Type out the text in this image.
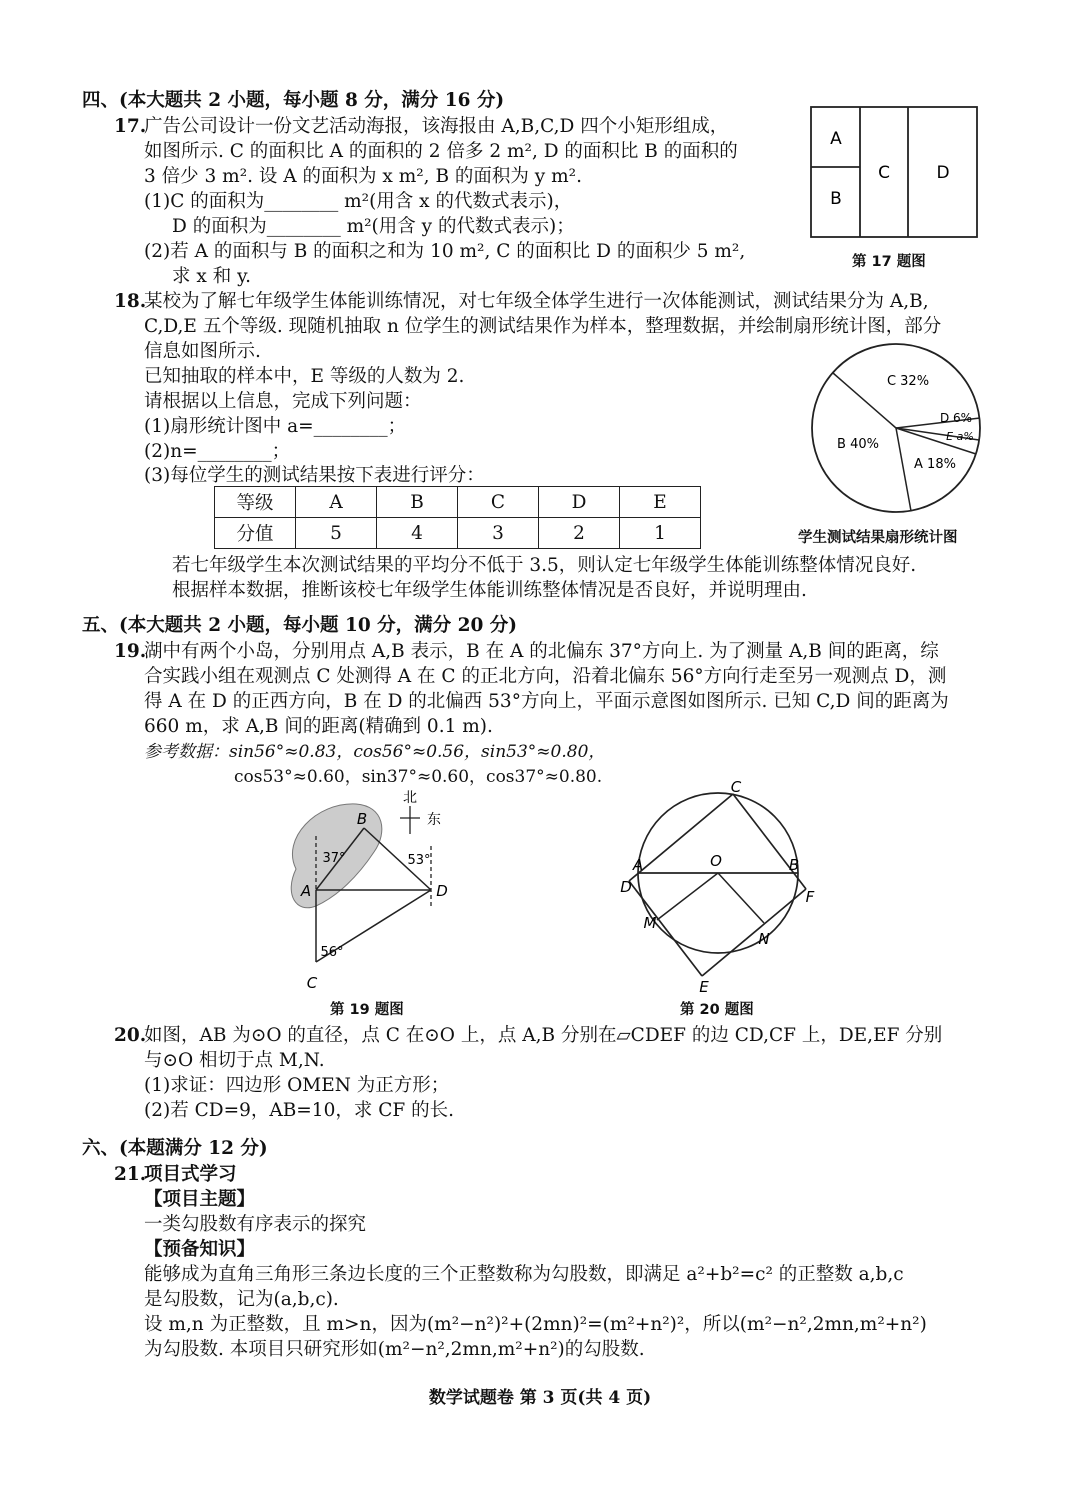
四、(本大题共 2 小题，每小题 8 分，满分 16 分)
17.
广告公司设计一份文艺活动海报，该海报由 A,B,C,D 四个小矩形组成，
如图所示. C 的面积比 A 的面积的 2 倍多 2 m², D 的面积比 B 的面积的
3 倍少 3 m². 设 A 的面积为 x m², B 的面积为 y m².
(1)C 的面积为________ m²(用含 x 的代数式表示)，
D 的面积为________ m²(用含 y 的代数式表示)；
(2)若 A 的面积与 B 的面积之和为 10 m², C 的面积比 D 的面积少 5 m²,
求 x 和 y.
A
B
C	D
第 17 题图
18.
某校为了解七年级学生体能训练情况，对七年级全体学生进行一次体能测试，测试结果分为 A,B,
C,D,E 五个等级. 现随机抽取 n 位学生的测试结果作为样本，整理数据，并绘制扇形统计图，部分
信息如图所示.
已知抽取的样本中，E 等级的人数为 2.
请根据以上信息，完成下列问题：
(1)扇形统计图中 a=________；
(2)n=________；
(3)每位学生的测试结果按下表进行评分：
等级	A	B	C	D	E
分值	5	4	3	2	1
C 32%
D 6%
E a%
A 18%
B 40%
学生测试结果扇形统计图
若七年级学生本次测试结果的平均分不低于 3.5，则认定七年级学生体能训练整体情况良好.
根据样本数据，推断该校七年级学生体能训练整体情况是否良好，并说明理由.
五、(本大题共 2 小题，每小题 10 分，满分 20 分)
19.
湖中有两个小岛，分别用点 A,B 表示，B 在 A 的北偏东 37°方向上. 为了测量 A,B 间的距离，综
合实践小组在观测点 C 处测得 A 在 C 的正北方向，沿着北偏东 56°方向行走至另一观测点 D，测
得 A 在 D 的正西方向，B 在 D 的北偏西 53°方向上，平面示意图如图所示. 已知 C,D 间的距离为
660 m，求 A,B 间的距离(精确到 0.1 m).
参考数据：sin56°≈0.83，cos56°≈0.56，sin53°≈0.80，
cos53°≈0.60，sin37°≈0.60，cos37°≈0.80.
北
东
B
A	D
C
37°	53°
56°
第 19 题图
C
A	O	B
D
F
M
N
E
第 20 题图
20.
如图，AB 为⊙O 的直径，点 C 在⊙O 上，点 A,B 分别在▱CDEF 的边 CD,CF 上，DE,EF 分别
与⊙O 相切于点 M,N.
(1)求证：四边形 OMEN 为正方形；
(2)若 CD=9，AB=10，求 CF 的长.
六、(本题满分 12 分)
21.
项目式学习
【项目主题】
一类勾股数有序表示的探究
【预备知识】
能够成为直角三角形三条边长度的三个正整数称为勾股数，即满足 a²+b²=c² 的正整数 a,b,c
是勾股数，记为(a,b,c).
设 m,n 为正整数，且 m>n，因为(m²−n²)²+(2mn)²=(m²+n²)²，所以(m²−n²,2mn,m²+n²)
为勾股数. 本项目只研究形如(m²−n²,2mn,m²+n²)的勾股数.
数学试题卷 第 3 页(共 4 页)
